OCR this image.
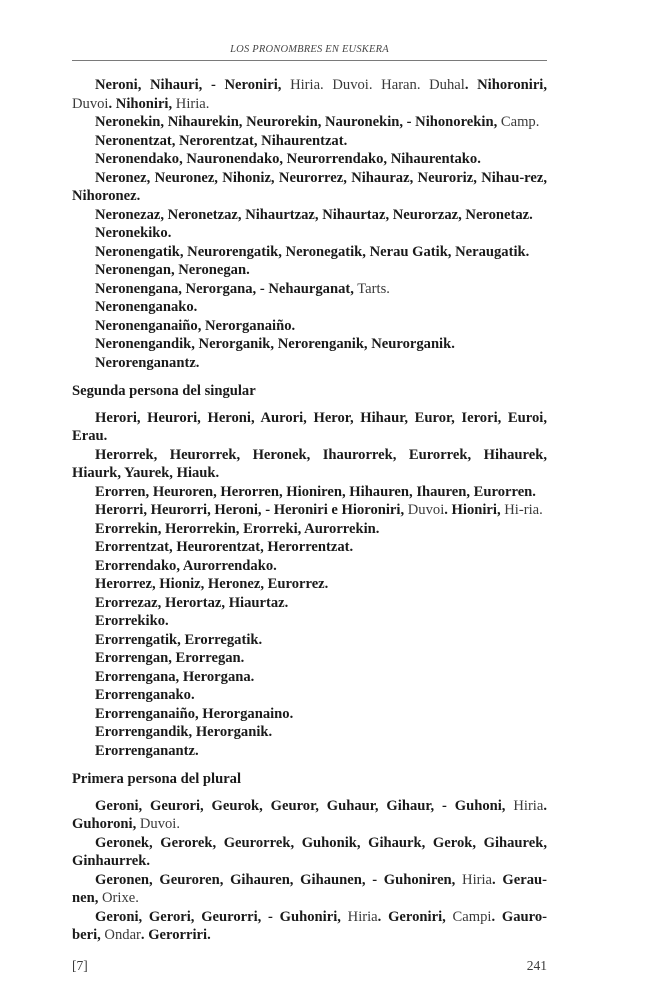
LOS PRONOMBRES EN EUSKERA

Neroni, Nihauri, - Neroniri, Hiria. Duvoi. Haran. Duhal. Nihoroniri, Duvoi. Nihoniri, Hiria.

Neronekin, Nihaurekin, Neurorekin, Nauronekin, - Nihonorekin, Camp.

Neronentzat, Nerorentzat, Nihaurentzat.

Neronendako, Nauronendako, Neurorrendako, Nihaurentako.

Neronez, Neuronez, Nihoniz, Neurorrez, Nihauraz, Neuroriz, Nihau-rez, Nihoronez.

Neronezaz, Neronetzaz, Nihaurtzaz, Nihaurtaz, Neurorzaz, Neronetaz.

Neronekiko.

Neronengatik, Neurorengatik, Neronegatik, Nerau Gatik, Neraugatik.

Neronengan, Neronegan.

Neronengana, Nerorgana, - Nehaurganat, Tarts.

Neronenganako.

Neronenganaiño, Nerorganaiño.

Neronengandik, Nerorganik, Nerorenganik, Neurorganik.

Nerorenganantz.

Segunda persona del singular

Herori, Heurori, Heroni, Aurori, Heror, Hihaur, Euror, Ierori, Euroi, Erau.

Herorrek, Heurorrek, Heronek, Ihaurorrek, Eurorrek, Hihaurek, Hiaurk, Yaurek, Hiauk.

Erorren, Heuroren, Herorren, Hioniren, Hihauren, Ihauren, Eurorren.

Herorri, Heurorri, Heroni, - Heroniri e Hioroniri, Duvoi. Hioniri, Hi-ria.

Erorrekin, Herorrekin, Erorreki, Aurorrekin.

Erorrentzat, Heurorentzat, Herorrentzat.

Erorrendako, Aurorrendako.

Herorrez, Hioniz, Heronez, Eurorrez.

Erorrezaz, Herortaz, Hiaurtaz.

Erorrekiko.

Erorrengatik, Erorregatik.

Erorrengan, Erorregan.

Erorrengana, Herorgana.

Erorrenganako.

Erorrenganaiño, Herorganaino.

Erorrengandik, Herorganik.

Erorrenganantz.

Primera persona del plural

Geroni, Geurori, Geurok, Geuror, Guhaur, Gihaur, - Guhoni, Hiria. Guhoroni, Duvoi.

Geronek, Gerorek, Geurorrek, Guhonik, Gihaurk, Gerok, Gihaurek, Ginhaurrek.

Geronen, Geuroren, Gihauren, Gihaunen, - Guhoniren, Hiria. Gerau-nen, Orixe.

Geroni, Gerori, Geurorri, - Guhoniri, Hiria. Geroniri, Campi. Gauro-beri, Ondar. Gerorriri.

[7]	241
